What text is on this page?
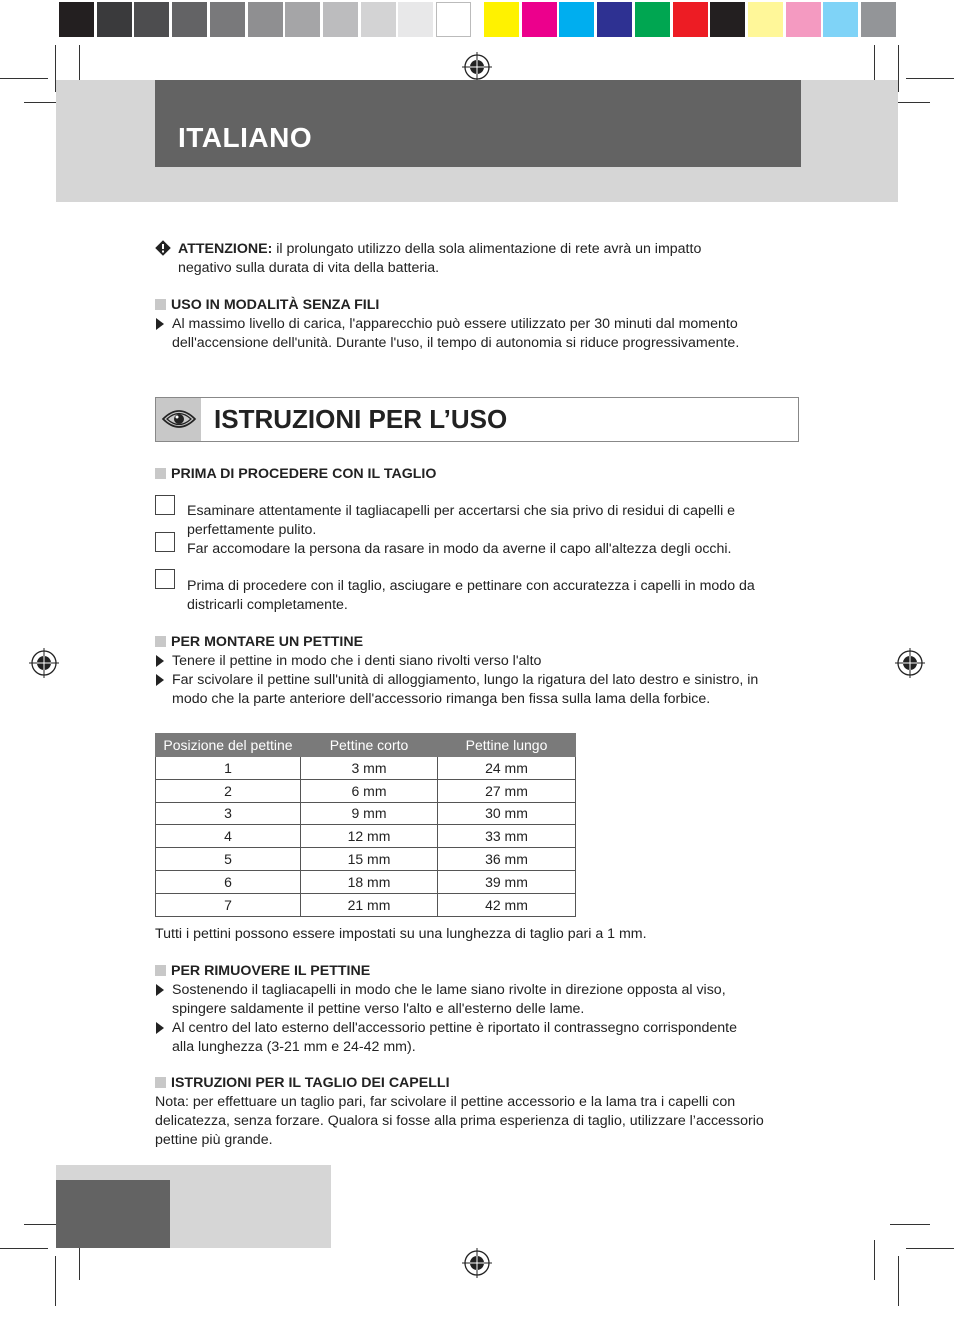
ITALIANO
ATTENZIONE: il prolungato utilizzo della sola alimentazione di rete avrà un impatto
negativo sulla durata di vita della batteria.
USO IN MODALITÀ SENZA FILI
Al massimo livello di carica, l'apparecchio può essere utilizzato per 30 minuti dal momento
dell'accensione dell'unità. Durante l'uso, il tempo di autonomia si riduce progressivamente.
ISTRUZIONI PER L’USO
PRIMA DI PROCEDERE CON IL TAGLIO
Esaminare attentamente il tagliacapelli per accertarsi che sia privo di residui di capelli e
perfettamente pulito.
Far accomodare la persona da rasare in modo da averne il capo all'altezza degli occhi.
Prima di procedere con il taglio, asciugare e pettinare con accuratezza i capelli in modo da
districarli completamente.
PER MONTARE UN PETTINE
Tenere il pettine in modo che i denti siano rivolti verso l'alto
Far scivolare il pettine sull'unità di alloggiamento, lungo la rigatura del lato destro e sinistro, in
modo che la parte anteriore dell'accessorio rimanga ben fissa sulla lama della forbice.
Posizione del pettine	Pettine corto	Pettine lungo
1	3 mm	24 mm
2	6 mm	27 mm
3	9 mm	30 mm
4	12 mm	33 mm
5	15 mm	36 mm
6	18 mm	39 mm
7	21 mm	42 mm
Tutti i pettini possono essere impostati su una lunghezza di taglio pari a 1 mm.
PER RIMUOVERE IL PETTINE
Sostenendo il tagliacapelli in modo che le lame siano rivolte in direzione opposta al viso,
spingere saldamente il pettine verso l'alto e all'esterno delle lame.
Al centro del lato esterno dell'accessorio pettine è riportato il contrassegno corrispondente
alla lunghezza (3-21 mm e 24-42 mm).
ISTRUZIONI PER IL TAGLIO DEI CAPELLI
Nota: per effettuare un taglio pari, far scivolare il pettine accessorio e la lama tra i capelli con
delicatezza, senza forzare. Qualora si fosse alla prima esperienza di taglio, utilizzare l’accessorio
pettine più grande.
